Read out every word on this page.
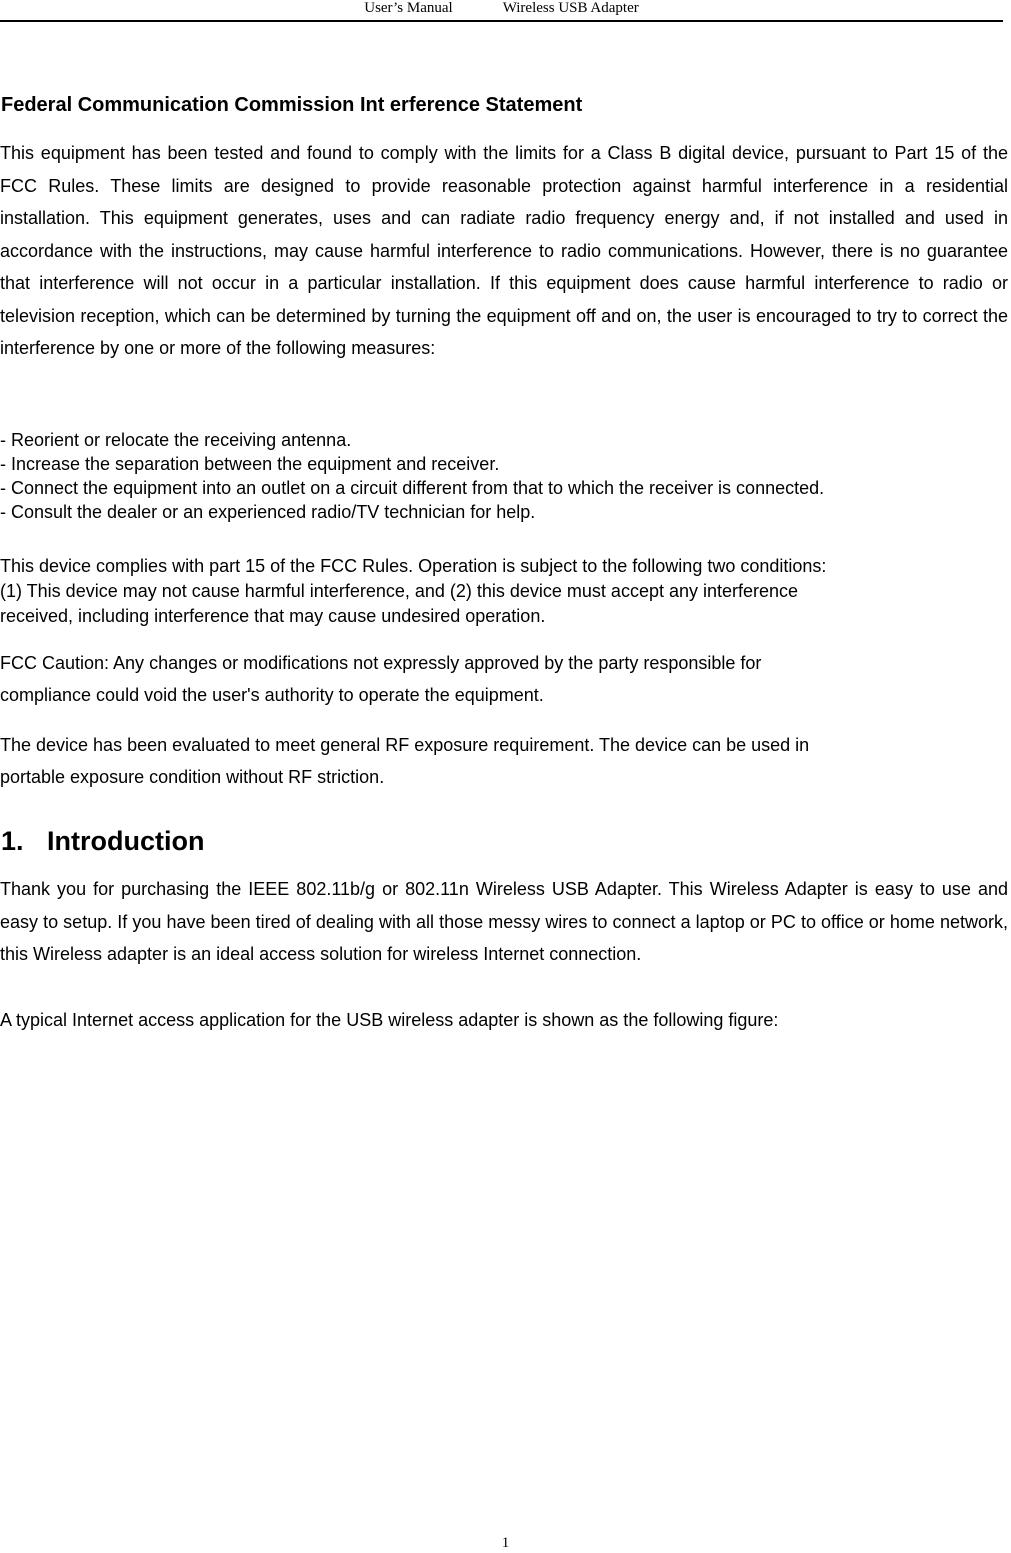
User’s Manual	Wireless USB Adapter
Federal Communication Commission Int erference Statement

This equipment has been tested and found to comply with the limits for a Class B digital device, pursuant to Part 15 of the FCC Rules. These limits are designed to provide reasonable protection against harmful interference in a residential installation. This equipment generates, uses and can radiate radio frequency energy and, if not installed and used in accordance with the instructions, may cause harmful interference to radio communications. However, there is no guarantee that interference will not occur in a particular installation. If this equipment does cause harmful interference to radio or television reception, which can be determined by turning the equipment off and on, the user is encouraged to try to correct the interference by one or more of the following measures:

- Reorient or relocate the receiving antenna.
- Increase the separation between the equipment and receiver.
- Connect the equipment into an outlet on a circuit different from that to which the receiver is connected.
- Consult the dealer or an experienced radio/TV technician for help.
This device complies with part 15 of the FCC Rules. Operation is subject to the following two conditions:
(1) This device may not cause harmful interference, and (2) this device must accept any interference
received, including interference that may cause undesired operation.
FCC Caution: Any changes or modifications not expressly approved by the party responsible for
compliance could void the user's authority to operate the equipment.
The device has been evaluated to meet general RF exposure requirement. The device can be used in
portable exposure condition without RF striction.
1. Introduction

Thank you for purchasing the IEEE 802.11b/g or 802.11n Wireless USB Adapter. This Wireless Adapter is easy to use and easy to setup. If you have been tired of dealing with all those messy wires to connect a laptop or PC to office or home network, this Wireless adapter is an ideal access solution for wireless Internet connection.

A typical Internet access application for the USB wireless adapter is shown as the following figure:

1
